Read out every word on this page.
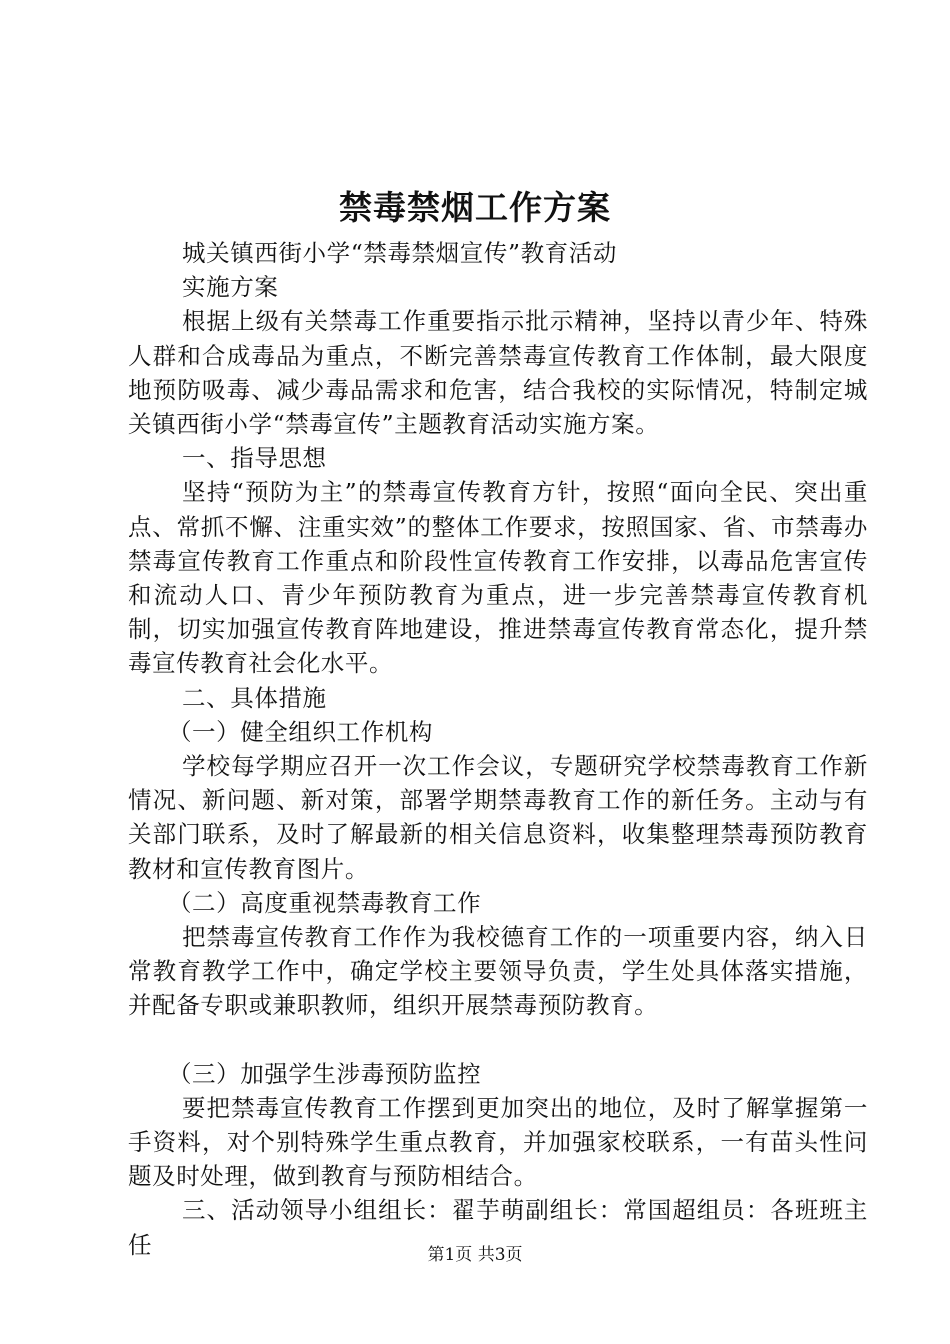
禁毒禁烟工作方案

城关镇西街小学“禁毒禁烟宣传”教育活动

实施方案

根据上级有关禁毒工作重要指示批示精神，坚持以青少年、特殊人群和合成毒品为重点，不断完善禁毒宣传教育工作体制，最大限度地预防吸毒、减少毒品需求和危害，结合我校的实际情况，特制定城关镇西街小学“禁毒宣传”主题教育活动实施方案。

一、指导思想

坚持“预防为主”的禁毒宣传教育方针，按照“面向全民、突出重点、常抓不懈、注重实效”的整体工作要求，按照国家、省、市禁毒办禁毒宣传教育工作重点和阶段性宣传教育工作安排，以毒品危害宣传和流动人口、青少年预防教育为重点，进一步完善禁毒宣传教育机制，切实加强宣传教育阵地建设，推进禁毒宣传教育常态化，提升禁毒宣传教育社会化水平。

二、具体措施

（一）健全组织工作机构

学校每学期应召开一次工作会议，专题研究学校禁毒教育工作新情况、新问题、新对策，部署学期禁毒教育工作的新任务。主动与有关部门联系，及时了解最新的相关信息资料，收集整理禁毒预防教育教材和宣传教育图片。

（二）高度重视禁毒教育工作

把禁毒宣传教育工作作为我校德育工作的一项重要内容，纳入日常教育教学工作中，确定学校主要领导负责，学生处具体落实措施，并配备专职或兼职教师，组织开展禁毒预防教育。

（三）加强学生涉毒预防监控

要把禁毒宣传教育工作摆到更加突出的地位，及时了解掌握第一手资料，对个别特殊学生重点教育，并加强家校联系，一有苗头性问题及时处理，做到教育与预防相结合。

三、活动领导小组组长：翟芋萌副组长：常国超组员：各班班主任	第1页 共3页
